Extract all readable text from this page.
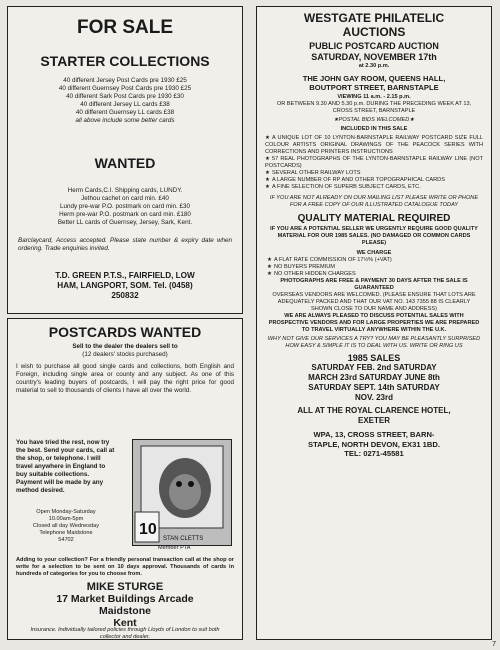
FOR SALE
STARTER COLLECTIONS
40 different Jersey Post Cards pre 1930 £25
40 different Guernsey Post Cards pre 1930 £25
40 different Sark Post Cards pre 1930 £30
40 different Jersey LL cards £38
40 different Guernsey LL cards £38
all above include some better cards
WANTED
Herm Cards,C.I. Shipping cards, LUNDY.
Jethou cachet on card min. £40
Lundy pre-war P.O. postmark on card min. £30
Herm pre-war P.O. postmark on card min. £180
Better LL cards of Guernsey, Jersey, Sark, Kent.
Barclaycard, Access accepted. Please state number & expiry date when ordering. Trade enquiries invited.
T.D. GREEN P.T.S., FAIRFIELD, LOW
HAM, LANGPORT, SOM. Tel. (0458)
250832
POSTCARDS WANTED
Sell to the dealer the dealers sell to
(12 dealers' stocks purchased)
I wish to purchase all good single cards and collections, both English and Foreign, including single area or county and any subject. As one of this country's leading buyers of postcards, I will pay the right price for good material to sell to thousands of clients I have all over the world.
You have tried the rest, now try the best. Send your cards, call at the shop, or telephone. I will travel anywhere in England to buy suitable collections. Payment will be made by any method desired.
Open Monday-Saturday
10.00am-5pm
Closed all day Wednesday
Telephone Maidstone
54702
10
STAN CLETTS
Member PTA
Adding to your collection? For a friendly personal transaction call at the shop or write for a selection to be sent on 10 days approval. Thousands of cards in hundreds of categories for you to choose from.
MIKE STURGE
17 Market Buildings Arcade
Maidstone
Kent
Insurance. Individually tailored policies through Lloyds of London to suit both collector and dealer.
WESTGATE PHILATELIC
AUCTIONS
PUBLIC POSTCARD AUCTION
SATURDAY, NOVEMBER 17th
at 2.30 p.m.
THE JOHN GAY ROOM, QUEENS HALL,
BOUTPORT STREET, BARNSTAPLE
VIEWING 11 a.m. - 2.15 p.m.
OR BETWEEN 9.30 AND 5.30 p.m. DURING THE PRECEDING WEEK AT 13, CROSS STREET, BARNSTAPLE
★POSTAL BIDS WELCOMED★
INCLUDED IN THIS SALE
★ A UNIQUE LOT OF 10 LYNTON-BARNSTAPLE RAILWAY POSTCARD SIZE FULL COLOUR ARTISTS ORIGINAL DRAWINGS OF THE PEACOCK SERIES WITH CORRECTIONS AND PRINTERS INSTRUCTIONS
★ 57 REAL PHOTOGRAPHS OF THE LYNTON-BARNSTAPLE RAILWAY LINE (NOT POSTCARDS)
★ SEVERAL OTHER RAILWAY LOTS
★ A LARGE NUMBER OF RP AND OTHER TOPOGRAPHICAL CARDS
★ A FINE SELECTION OF SUPERB SUBJECT CARDS, ETC.
IF YOU ARE NOT ALREADY ON OUR MAILING LIST PLEASE WRITE OR PHONE FOR A FREE COPY OF OUR ILLUSTRATED CATALOGUE TODAY
QUALITY MATERIAL REQUIRED
IF YOU ARE A POTENTIAL SELLER WE URGENTLY REQUIRE GOOD QUALITY MATERIAL FOR OUR 1985 SALES. (NO DAMAGED OR COMMON CARDS PLEASE)
WE CHARGE
★ A FLAT RATE COMMISSION OF 17½% (+VAT)
★ NO BUYERS PREMIUM
★ NO OTHER HIDDEN CHARGES
PHOTOGRAPHS ARE FREE & PAYMENT 30 DAYS AFTER THE SALE IS GUARANTEED
OVERSEAS VENDORS ARE WELCOMED. (PLEASE ENSURE THAT LOTS ARE ADEQUATELY PACKED AND THAT OUR VAT NO. 143 7355 88 IS CLEARLY SHOWN CLOSE TO OUR NAME AND ADDRESS)
WE ARE ALWAYS PLEASED TO DISCUSS POTENTIAL SALES WITH PROSPECTIVE VENDORS AND FOR LARGE PROPERTIES WE ARE PREPARED TO TRAVEL VIRTUALLY ANYWHERE WITHIN THE U.K.
WHY NOT GIVE OUR SERVICES A TRY? YOU MAY BE PLEASANTLY SURPRISED HOW EASY & SIMPLE IT IS TO DEAL WITH US. WRITE OR RING US
1985 SALES
SATURDAY FEB. 2nd SATURDAY
MARCH 23rd SATURDAY JUNE 8th
SATURDAY SEPT. 14th SATURDAY
NOV. 23rd
ALL AT THE ROYAL CLARENCE HOTEL,
EXETER
WPA, 13, CROSS STREET, BARN-
STAPLE, NORTH DEVON, EX31 1BD.
TEL: 0271-45581
7
